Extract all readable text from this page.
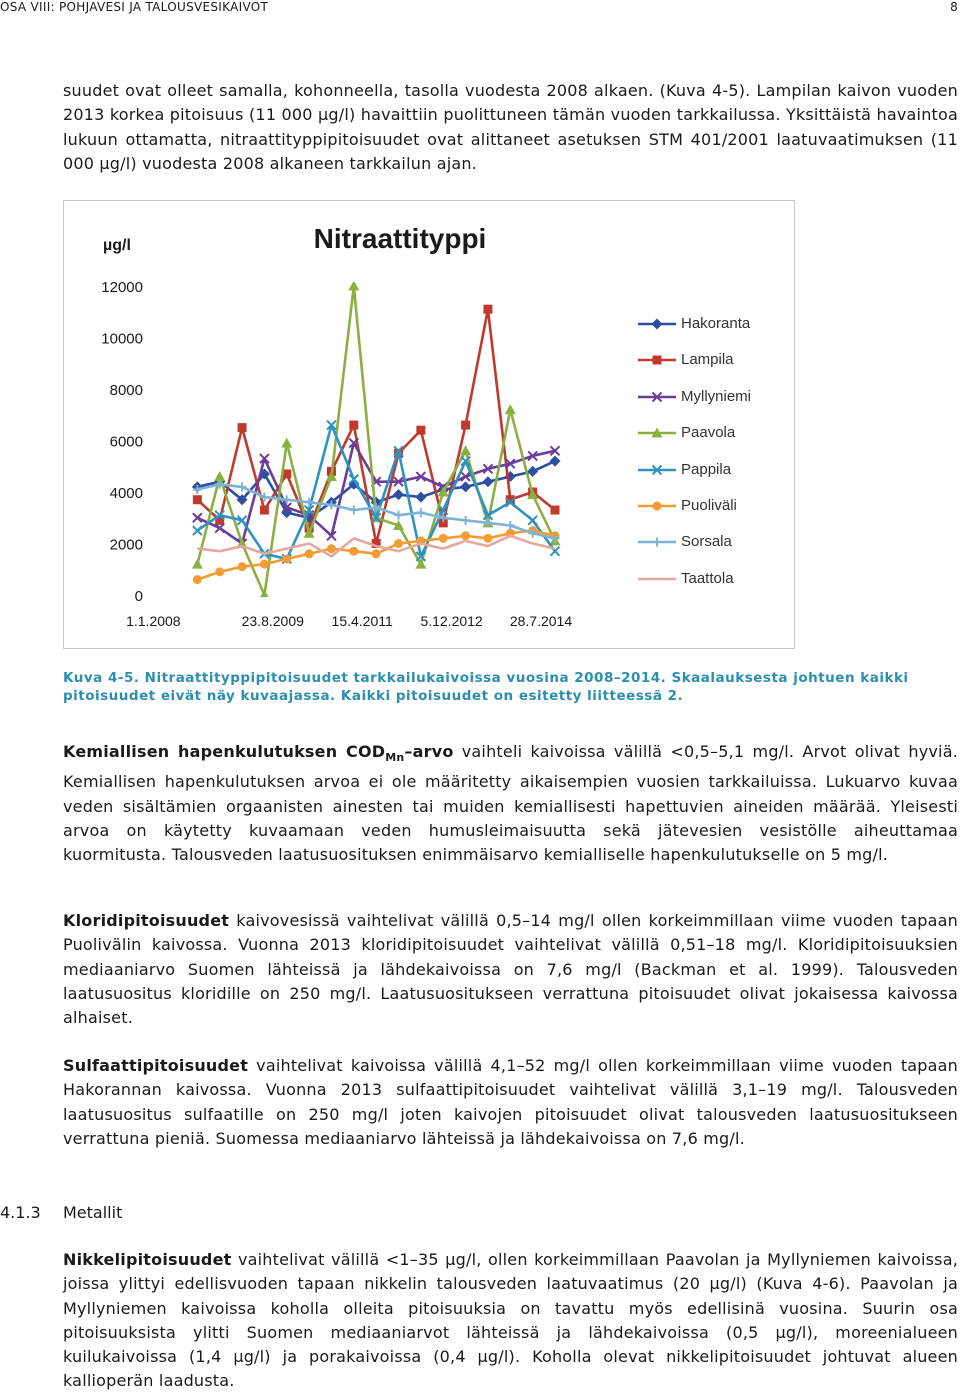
OSA VIII: POHJAVESI JA TALOUSVESIKAIVOT	8
suudet ovat olleet samalla, kohonneella, tasolla vuodesta 2008 alkaen. (Kuva 4-5). Lampilan kaivon vuoden 2013 korkea pitoisuus (11 000 µg/l) havaittiin puolittuneen tämän vuoden tarkkailussa. Yksittäistä havaintoa lukuun ottamatta, nitraattityppipitoisuudet ovat alittaneet asetuksen STM 401/2001 laatuvaatimuksen (11 000 µg/l) vuodesta 2008 alkaneen tarkkailun ajan.
Nitraattityppi
µg/l
12000
10000
8000
6000
4000
2000
0
1.1.2008	23.8.2009 15.4.2011 5.12.2012 28.7.2014
Hakoranta
Lampila
Myllyniemi
Paavola
Pappila
Puoliväli
Sorsala
Taattola
Kuva 4-5. Nitraattityppipitoisuudet tarkkailukaivoissa vuosina 2008–2014. Skaalauksesta johtuen kaikki pitoisuudet eivät näy kuvaajassa. Kaikki pitoisuudet on esitetty liitteessä 2.
Kemiallisen hapenkulutuksen $COD_{Mn}$–arvo vaihteli kaivoissa välillä <0,5–5,1 mg/l. Arvot olivat hyviä. Kemiallisen hapenkulutuksen arvoa ei ole määritetty aikaisempien vuosien tarkkailuissa. Lukuarvo kuvaa veden sisältämien orgaanisten ainesten tai muiden kemiallisesti hapettuvien aineiden määrää. Yleisesti arvoa on käytetty kuvaamaan veden humusleimaisuutta sekä jätevesien vesistölle aiheuttamaa kuormitusta. Talousveden laatusuosituksen enimmäisarvo kemialliselle hapenkulutukselle on 5 mg/l.
Kloridipitoisuudet kaivovesissä vaihtelivat välillä 0,5–14 mg/l ollen korkeimmillaan viime vuoden tapaan Puolivälin kaivossa. Vuonna 2013 kloridipitoisuudet vaihtelivat välillä 0,51–18 mg/l. Kloridipitoisuuksien mediaaniarvo Suomen lähteissä ja lähdekaivoissa on 7,6 mg/l (Backman et al. 1999). Talousveden laatusuositus kloridille on 250 mg/l. Laatusuositukseen verrattuna pitoisuudet olivat jokaisessa kaivossa alhaiset.
Sulfaattipitoisuudet vaihtelivat kaivoissa välillä 4,1–52 mg/l ollen korkeimmillaan viime vuoden tapaan Hakorannan kaivossa. Vuonna 2013 sulfaattipitoisuudet vaihtelivat välillä 3,1–19 mg/l. Talousveden laatusuositus sulfaatille on 250 mg/l joten kaivojen pitoisuudet olivat talousveden laatusuositukseen verrattuna pieniä. Suomessa mediaaniarvo lähteissä ja lähdekaivoissa on 7,6 mg/l.
4.1.3 Metallit
Nikkelipitoisuudet vaihtelivat välillä <1–35 µg/l, ollen korkeimmillaan Paavolan ja Myllyniemen kaivoissa, joissa ylittyi edellisvuoden tapaan nikkelin talousveden laatuvaatimus (20 µg/l) (Kuva 4-6). Paavolan ja Myllyniemen kaivoissa koholla olleita pitoisuuksia on tavattu myös edellisinä vuosina. Suurin osa pitoisuuksista ylitti Suomen mediaaniarvot lähteissä ja lähdekaivoissa (0,5 µg/l), moreenialueen kuilukaivoissa (1,4 µg/l) ja porakaivoissa (0,4 µg/l). Koholla olevat nikkelipitoisuudet johtuvat alueen kallioperän laadusta.
